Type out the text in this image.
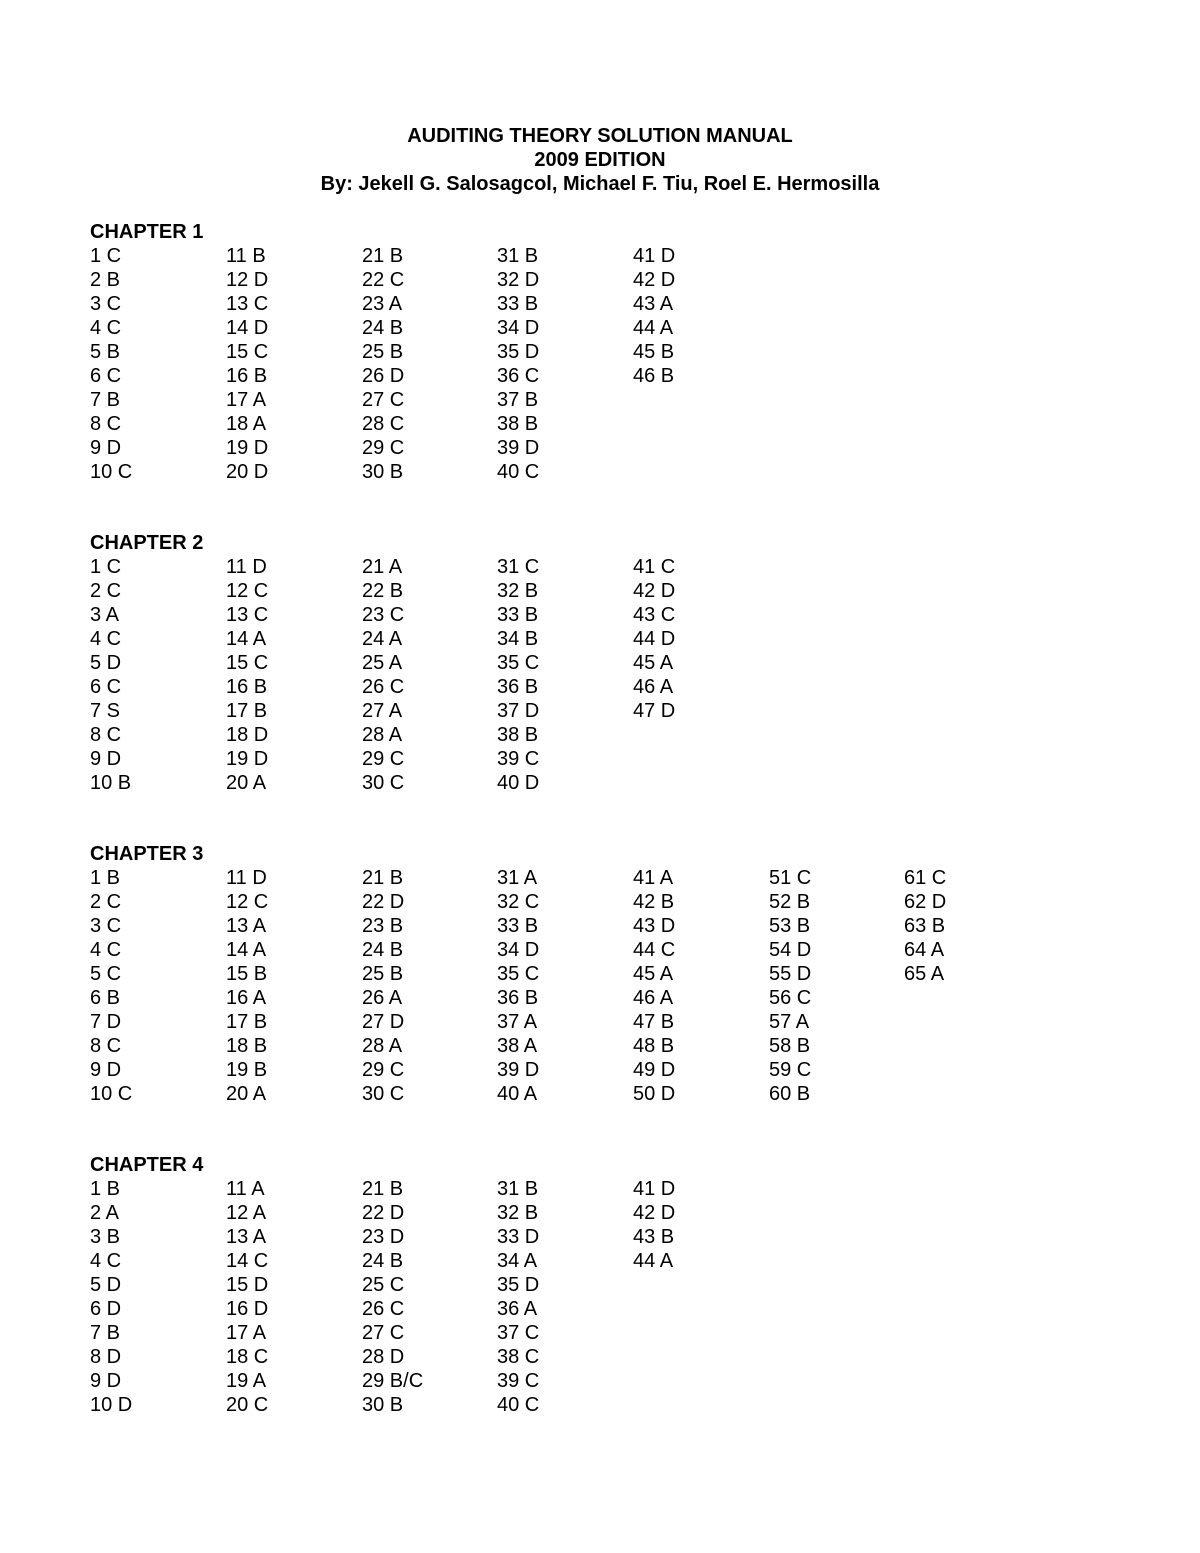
AUDITING THEORY SOLUTION MANUAL
2009 EDITION
By: Jekell G. Salosagcol, Michael F. Tiu, Roel E. Hermosilla
CHAPTER 1
1 C
2 B
3 C
4 C
5 B
6 C
7 B
8 C
9 D
10 C
11 B
12 D
13 C
14 D
15 C
16 B
17 A
18 A
19 D
20 D
21 B
22 C
23 A
24 B
25 B
26 D
27 C
28 C
29 C
30 B
31 B
32 D
33 B
34 D
35 D
36 C
37 B
38 B
39 D
40 C
41 D
42 D
43 A
44 A
45 B
46 B
CHAPTER 2
1 C
2 C
3 A
4 C
5 D
6 C
7 S
8 C
9 D
10 B
11 D
12 C
13 C
14 A
15 C
16 B
17 B
18 D
19 D
20 A
21 A
22 B
23 C
24 A
25 A
26 C
27 A
28 A
29 C
30 C
31 C
32 B
33 B
34 B
35 C
36 B
37 D
38 B
39 C
40 D
41 C
42 D
43 C
44 D
45 A
46 A
47 D
CHAPTER 3
1 B
2 C
3 C
4 C
5 C
6 B
7 D
8 C
9 D
10 C
11 D
12 C
13 A
14 A
15 B
16 A
17 B
18 B
19 B
20 A
21 B
22 D
23 B
24 B
25 B
26 A
27 D
28 A
29 C
30 C
31 A
32 C
33 B
34 D
35 C
36 B
37 A
38 A
39 D
40 A
41 A
42 B
43 D
44 C
45 A
46 A
47 B
48 B
49 D
50 D
51 C
52 B
53 B
54 D
55 D
56 C
57 A
58 B
59 C
60 B
61 C
62 D
63 B
64 A
65 A
CHAPTER 4
1 B
2 A
3 B
4 C
5 D
6 D
7 B
8 D
9 D
10 D
11 A
12 A
13 A
14 C
15 D
16 D
17 A
18 C
19 A
20 C
21 B
22 D
23 D
24 B
25 C
26 C
27 C
28 D
29 B/C
30 B
31 B
32 B
33 D
34 A
35 D
36 A
37 C
38 C
39 C
40 C
41 D
42 D
43 B
44 A
